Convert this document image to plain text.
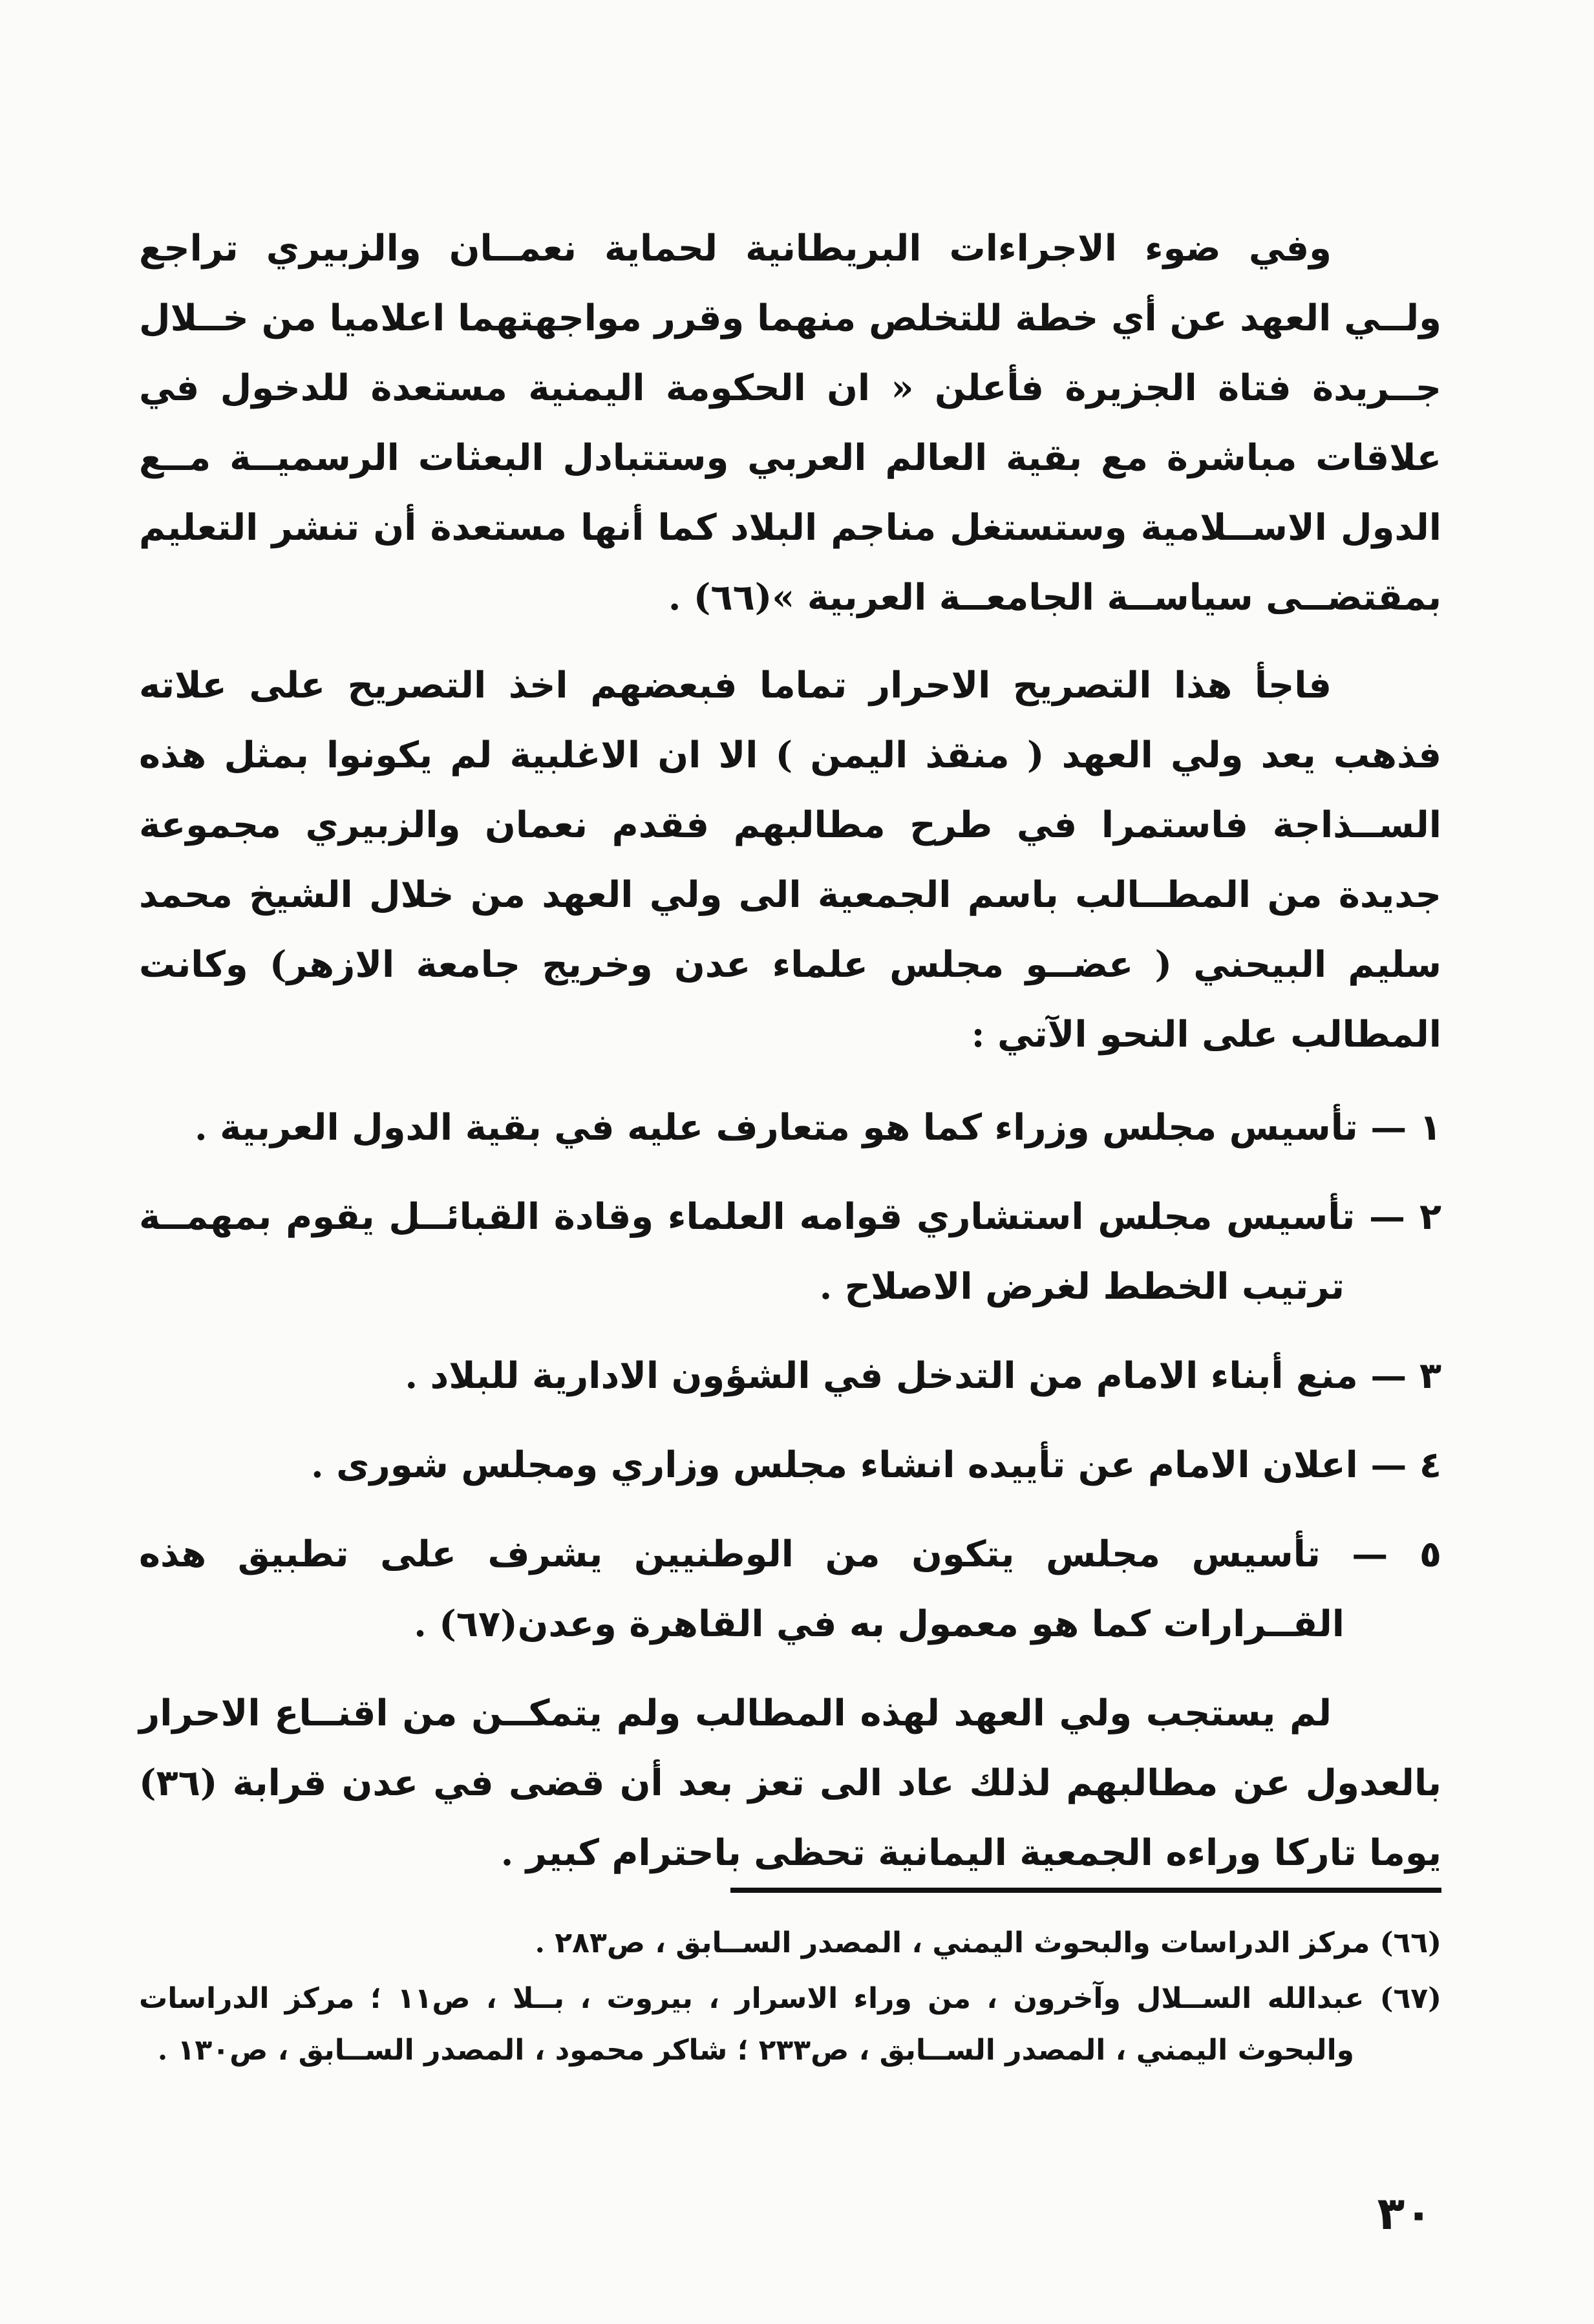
وفي ضوء الاجراءات البريطانية لحماية نعمــان والزبيري تراجع ولــي العهد عن أي خطة للتخلص منهما وقرر مواجهتهما اعلاميا من خــلال جــريدة فتاة الجزيرة فأعلن « ان الحكومة اليمنية مستعدة للدخول في علاقات مباشرة مع بقية العالم العربي وستتبادل البعثات الرسميــة مــع الدول الاســلامية وستستغل مناجم البلاد كما أنها مستعدة أن تنشر التعليم بمقتضــى سياســة الجامعــة العربية »(٦٦) .

فاجأ هذا التصريح الاحرار تماما فبعضهم اخذ التصريح على علاته فذهب يعد ولي العهد ( منقذ اليمن ) الا ان الاغلبية لم يكونوا بمثل هذه الســذاجة فاستمرا في طرح مطالبهم فقدم نعمان والزبيري مجموعة جديدة من المطــالب باسم الجمعية الى ولي العهد من خلال الشيخ محمد سليم البيحني ( عضــو مجلس علماء عدن وخريج جامعة الازهر) وكانت المطالب على النحو الآتي :

١ — تأسيس مجلس وزراء كما هو متعارف عليه في بقية الدول العربية .

٢ — تأسيس مجلس استشاري قوامه العلماء وقادة القبائــل يقوم بمهمــة ترتيب الخطط لغرض الاصلاح .

٣ — منع أبناء الامام من التدخل في الشؤون الادارية للبلاد .

٤ — اعلان الامام عن تأييده انشاء مجلس وزاري ومجلس شورى .

٥ — تأسيس مجلس يتكون من الوطنيين يشرف على تطبيق هذه القــرارات كما هو معمول به في القاهرة وعدن(٦٧) .

لم يستجب ولي العهد لهذه المطالب ولم يتمكــن من اقنــاع الاحرار بالعدول عن مطالبهم لذلك عاد الى تعز بعد أن قضى في عدن قرابة (٣٦) يوما تاركا وراءه الجمعية اليمانية تحظى باحترام كبير .

(٦٦) مركز الدراسات والبحوث اليمني ، المصدر الســابق ، ص٢٨٣ .

(٦٧) عبدالله الســلال وآخرون ، من وراء الاسرار ، بيروت ، بــلا ، ص١١ ؛ مركز الدراسات والبحوث اليمني ، المصدر الســابق ، ص٢٣٣ ؛ شاكر محمود ، المصدر الســابق ، ص١٣٠ .

٣٠
